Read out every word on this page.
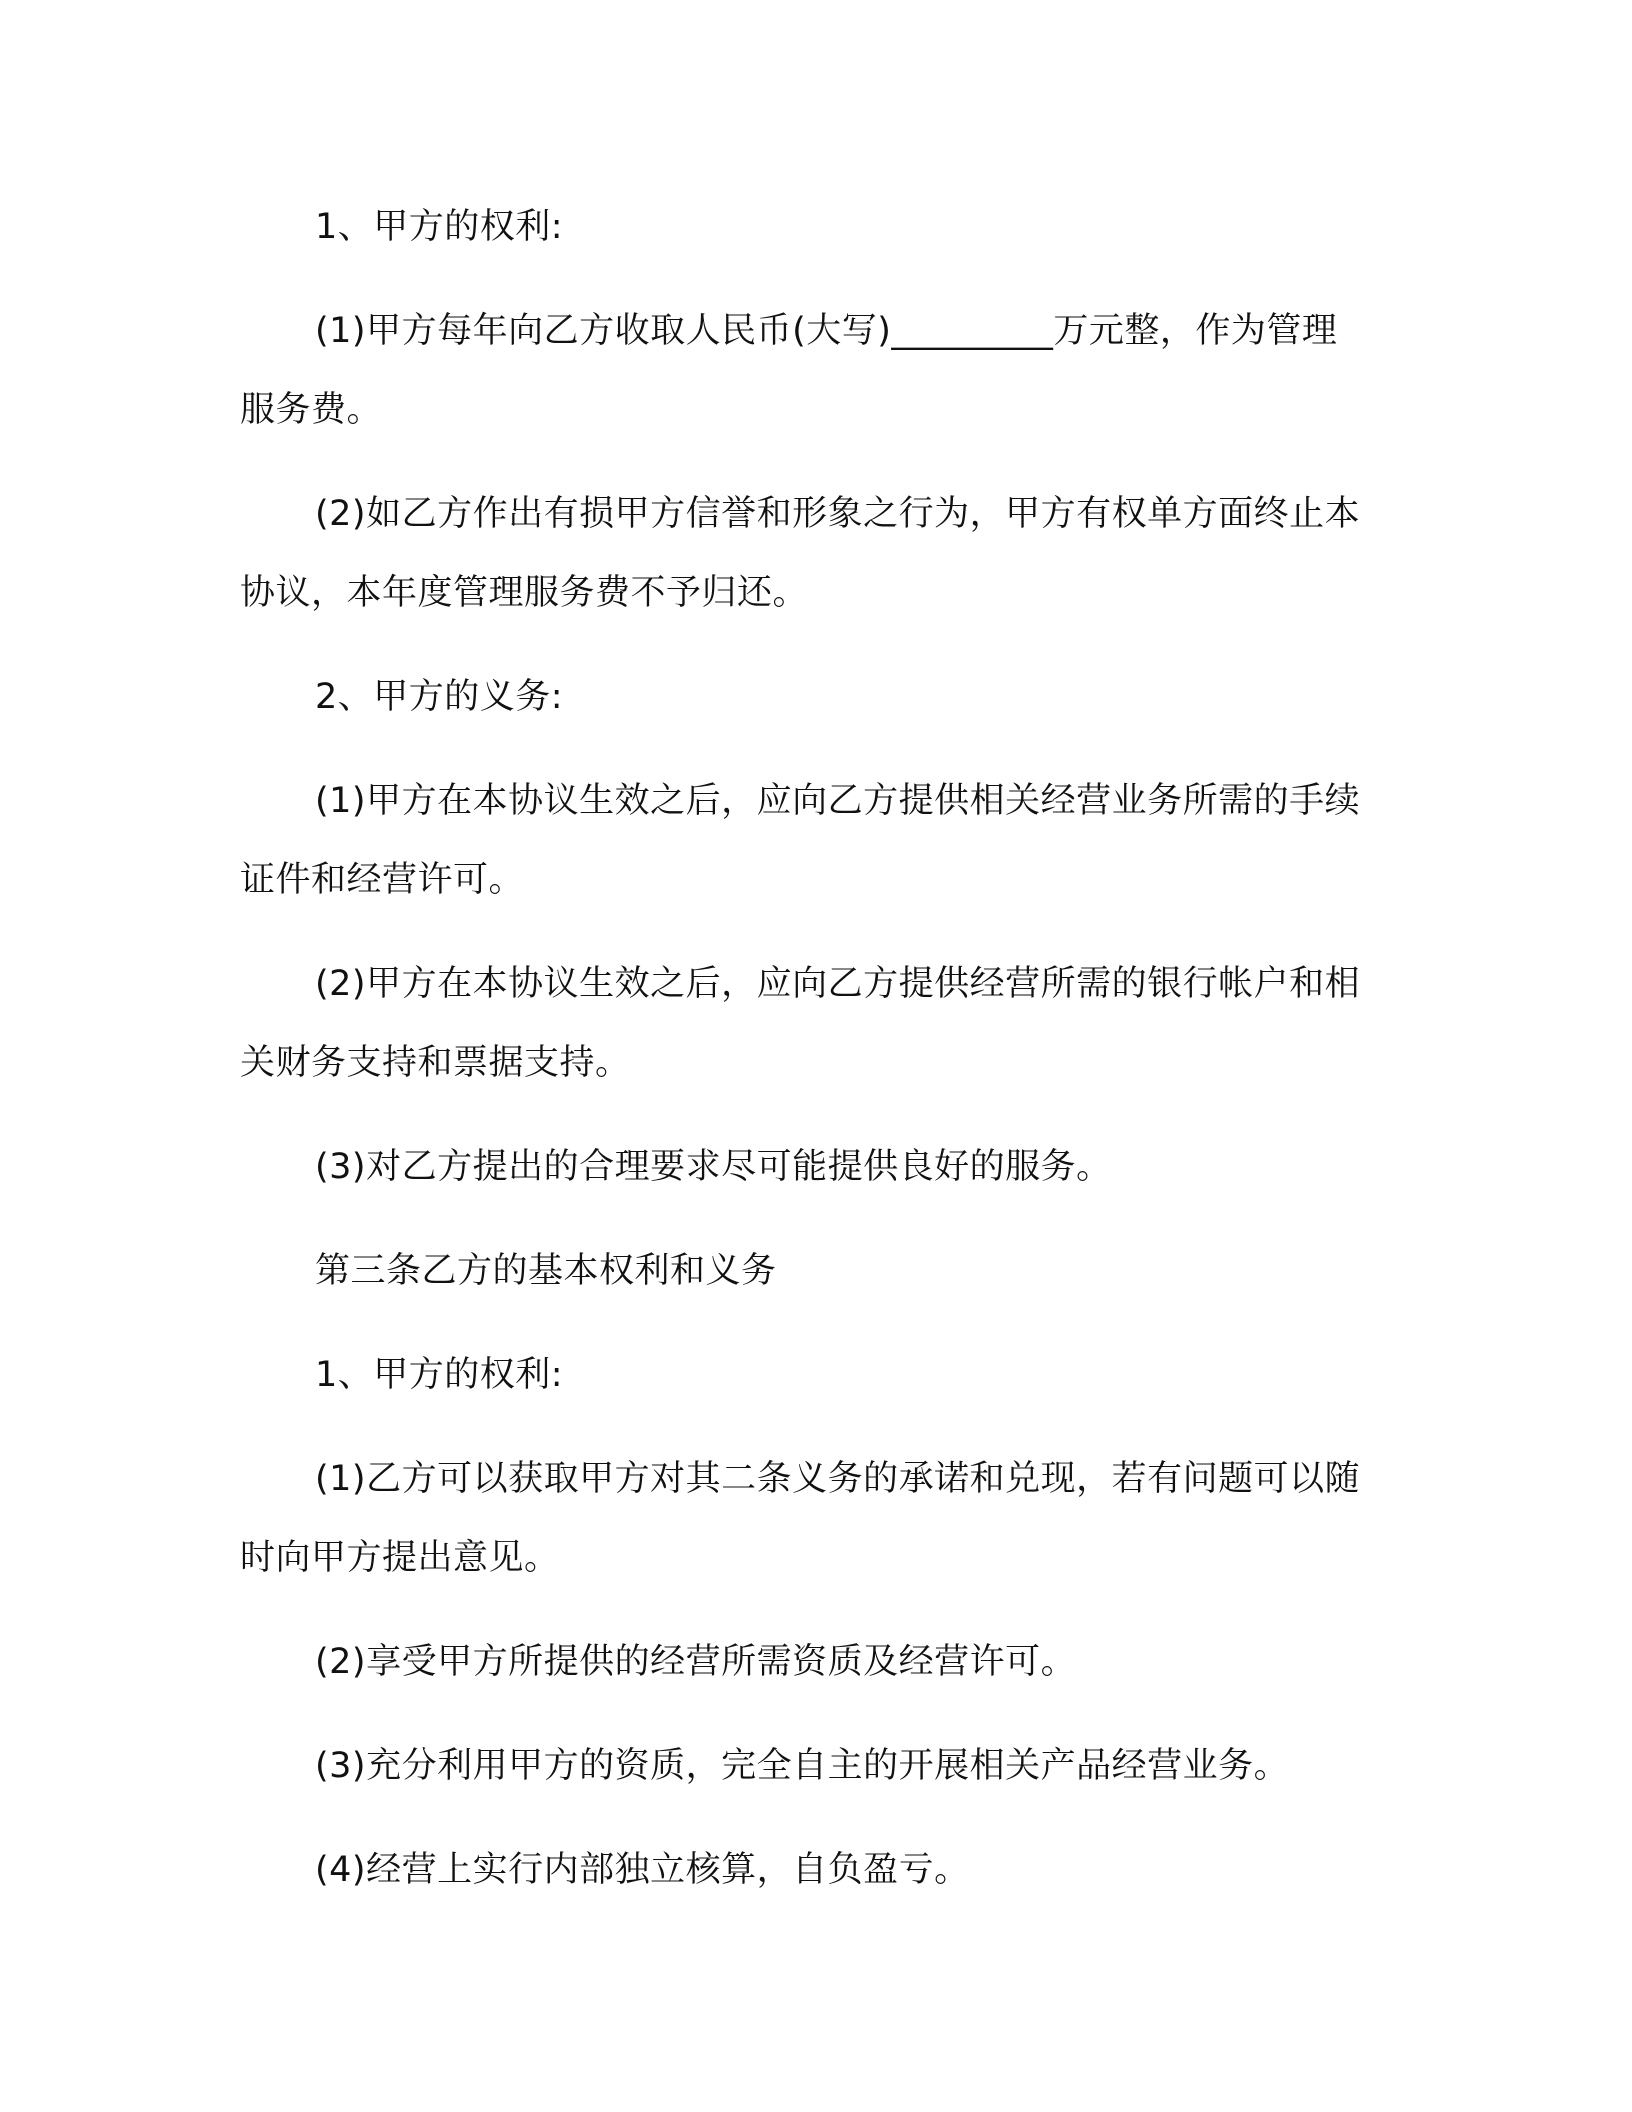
1、甲方的权利:

(1)甲方每年向乙方收取人民币(大写)_________万元整，作为管理服务费。

(2)如乙方作出有损甲方信誉和形象之行为，甲方有权单方面终止本协议，本年度管理服务费不予归还。

2、甲方的义务:

(1)甲方在本协议生效之后，应向乙方提供相关经营业务所需的手续证件和经营许可。

(2)甲方在本协议生效之后，应向乙方提供经营所需的银行帐户和相关财务支持和票据支持。

(3)对乙方提出的合理要求尽可能提供良好的服务。

第三条乙方的基本权利和义务

1、甲方的权利:

(1)乙方可以获取甲方对其二条义务的承诺和兑现，若有问题可以随时向甲方提出意见。

(2)享受甲方所提供的经营所需资质及经营许可。

(3)充分利用甲方的资质，完全自主的开展相关产品经营业务。

(4)经营上实行内部独立核算，自负盈亏。
